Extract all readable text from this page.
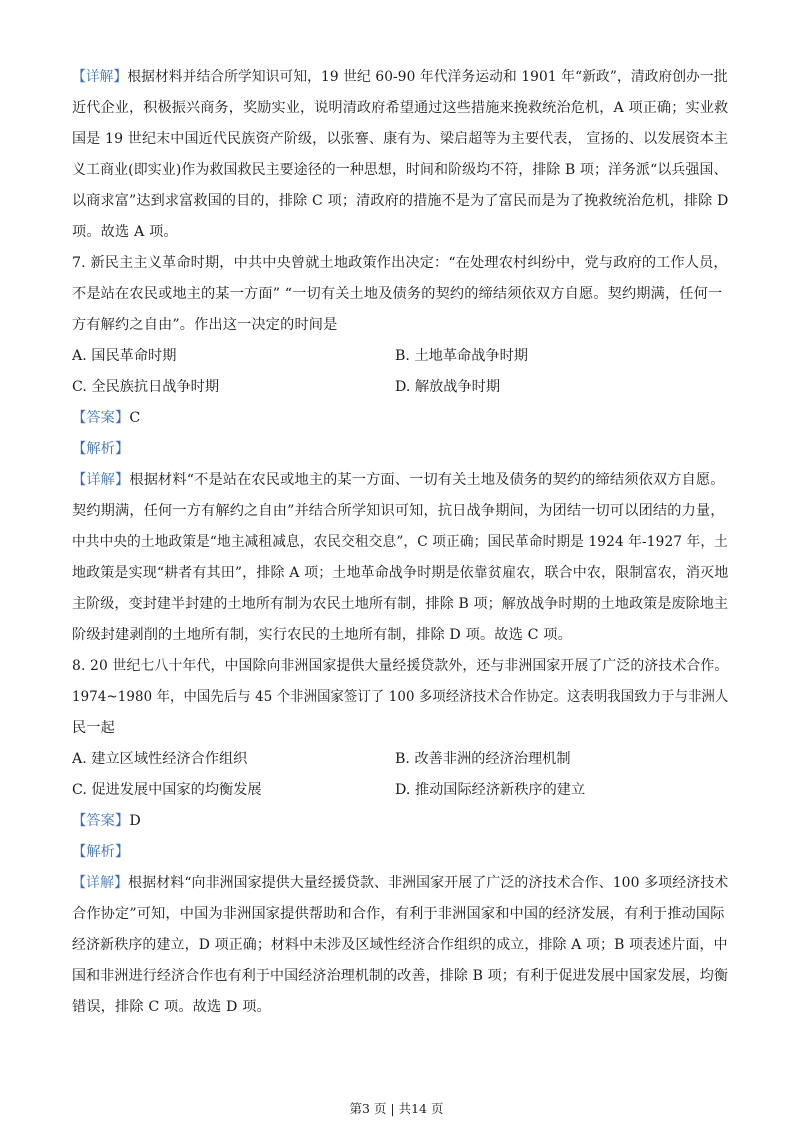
【详解】根据材料并结合所学知识可知，19 世纪 60-90 年代洋务运动和 1901 年“新政”，清政府创办一批
近代企业，积极振兴商务，奖励实业，说明清政府希望通过这些措施来挽救统治危机，A 项正确；实业救
国是 19 世纪末中国近代民族资产阶级，以张謇、康有为、梁启超等为主要代表， 宣扬的、以发展资本主
义工商业(即实业)作为救国救民主要途径的一种思想，时间和阶级均不符，排除 B 项；洋务派“以兵强国、
以商求富”达到求富救国的目的，排除 C 项；清政府的措施不是为了富民而是为了挽救统治危机，排除 D
项。故选 A 项。
7. 新民主主义革命时期，中共中央曾就土地政策作出决定：“在处理农村纠纷中，党与政府的工作人员，
不是站在农民或地主的某一方面” “一切有关土地及债务的契约的缔结须依双方自愿。契约期满，任何一
方有解约之自由”。作出这一决定的时间是
A. 国民革命时期	B. 土地革命战争时期
C. 全民族抗日战争时期	D. 解放战争时期
【答案】C
【解析】
【详解】根据材料“不是站在农民或地主的某一方面、一切有关土地及债务的契约的缔结须依双方自愿。
契约期满，任何一方有解约之自由”并结合所学知识可知，抗日战争期间，为团结一切可以团结的力量，
中共中央的土地政策是“地主减租减息，农民交租交息”，C 项正确；国民革命时期是 1924 年-1927 年，土
地政策是实现“耕者有其田”，排除 A 项；土地革命战争时期是依靠贫雇农，联合中农，限制富农，消灭地
主阶级，变封建半封建的土地所有制为农民土地所有制，排除 B 项；解放战争时期的土地政策是废除地主
阶级封建剥削的土地所有制，实行农民的土地所有制，排除 D 项。故选 C 项。
8. 20 世纪七八十年代，中国除向非洲国家提供大量经援贷款外，还与非洲国家开展了广泛的济技术合作。
1974~1980 年，中国先后与 45 个非洲国家签订了 100 多项经济技术合作协定。这表明我国致力于与非洲人
民一起
A. 建立区域性经济合作组织	B. 改善非洲的经济治理机制
C. 促进发展中国家的均衡发展	D. 推动国际经济新秩序的建立
【答案】D
【解析】
【详解】根据材料“向非洲国家提供大量经援贷款、非洲国家开展了广泛的济技术合作、100 多项经济技术
合作协定”可知，中国为非洲国家提供帮助和合作，有利于非洲国家和中国的经济发展，有利于推动国际
经济新秩序的建立，D 项正确；材料中未涉及区域性经济合作组织的成立，排除 A 项；B 项表述片面，中
国和非洲进行经济合作也有利于中国经济治理机制的改善，排除 B 项；有利于促进发展中国家发展，均衡
错误，排除 C 项。故选 D 项。
第3 页 | 共14 页
